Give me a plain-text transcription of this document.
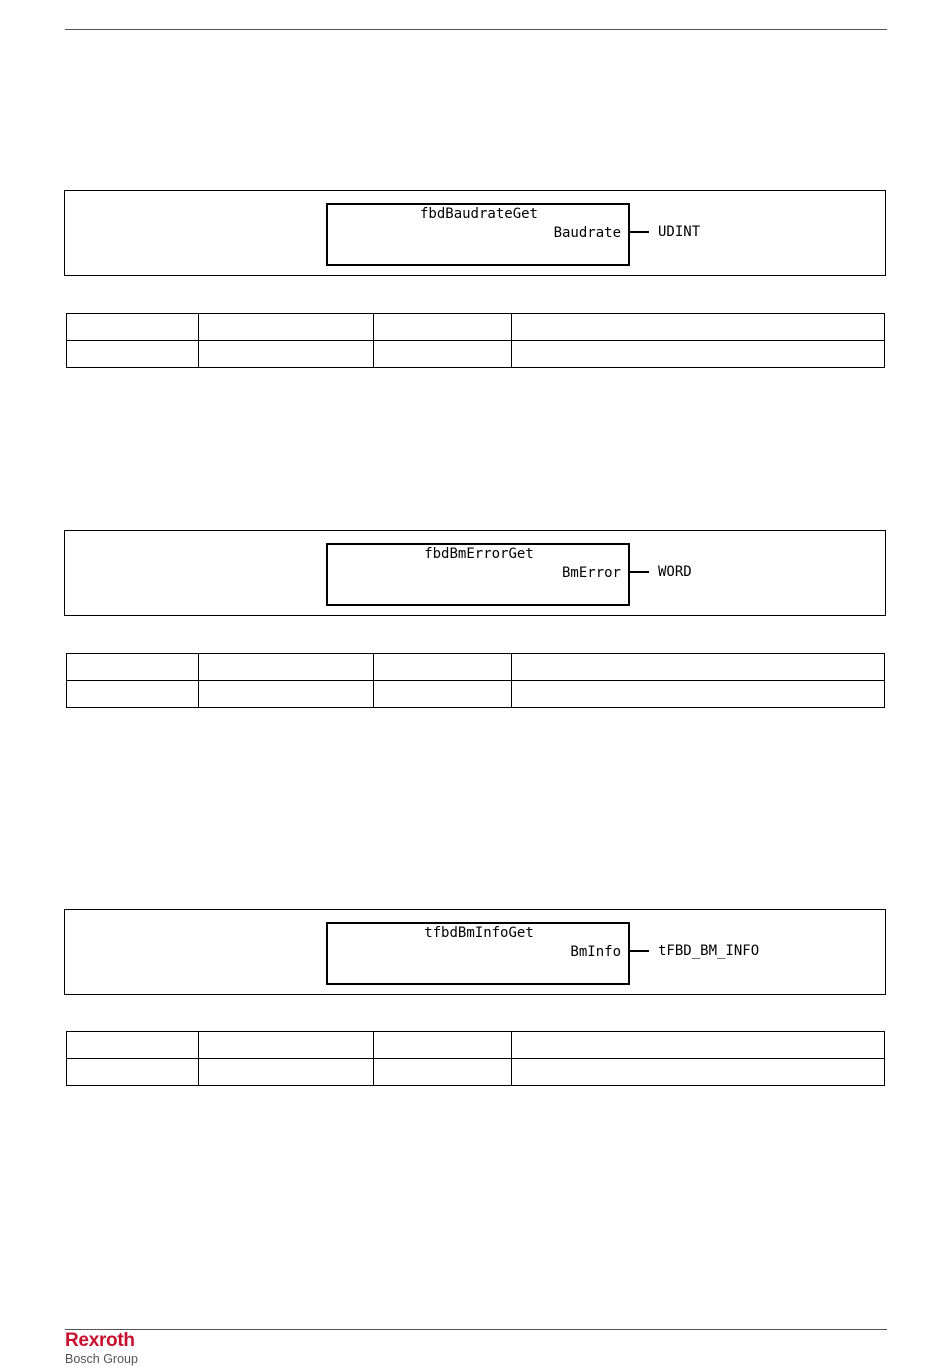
fbdBaudrateGet
Baudrate	UDINT

fbdBmErrorGet
BmError	WORD

tfbdBmInfoGet
BmInfo	tFBD_BM_INFO

Rexroth
Bosch Group
